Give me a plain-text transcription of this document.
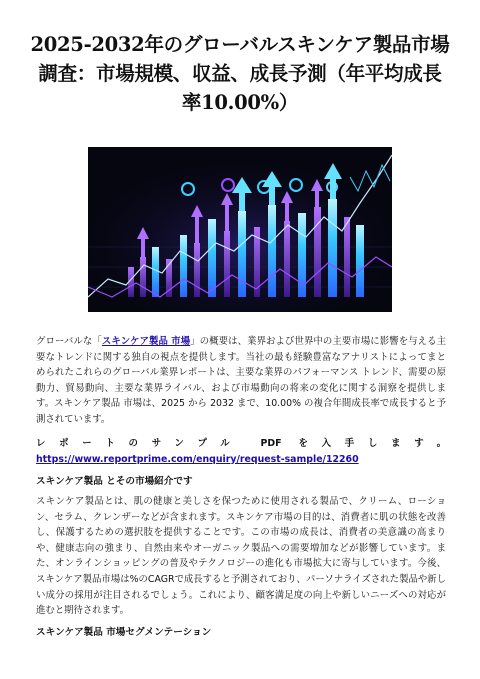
2025-2032年のグローバルスキンケア製品市場調査：市場規模、収益、成長予測（年平均成長率10.00%）

グローバルな「スキンケア製品 市場」の概要は、業界および世界中の主要市場に影響を与える主要なトレンドに関する独自の視点を提供します。当社の最も経験豊富なアナリストによってまとめられたこれらのグローバル業界レポートは、主要な業界のパフォーマンス トレンド、需要の原動力、貿易動向、主要な業界ライバル、および市場動向の将来の変化に関する洞察を提供します。スキンケア製品 市場は、2025 から 2032 まで、10.00% の複合年間成長率で成長すると予測されています。

レポートのサンプル PDF を入手します。 https://www.reportprime.com/enquiry/request-sample/12260

スキンケア製品 とその市場紹介です

スキンケア製品とは、肌の健康と美しさを保つために使用される製品で、クリーム、ローション、セラム、クレンザーなどが含まれます。スキンケア市場の目的は、消費者に肌の状態を改善し、保護するための選択肢を提供することです。この市場の成長は、消費者の美意識の高まりや、健康志向の強まり、自然由来やオーガニック製品への需要増加などが影響しています。また、オンラインショッピングの普及やテクノロジーの進化も市場拡大に寄与しています。今後、スキンケア製品市場は%のCAGRで成長すると予測されており、パーソナライズされた製品や新しい成分の採用が注目されるでしょう。これにより、顧客満足度の向上や新しいニーズへの対応が進むと期待されます。

スキンケア製品 市場セグメンテーション
